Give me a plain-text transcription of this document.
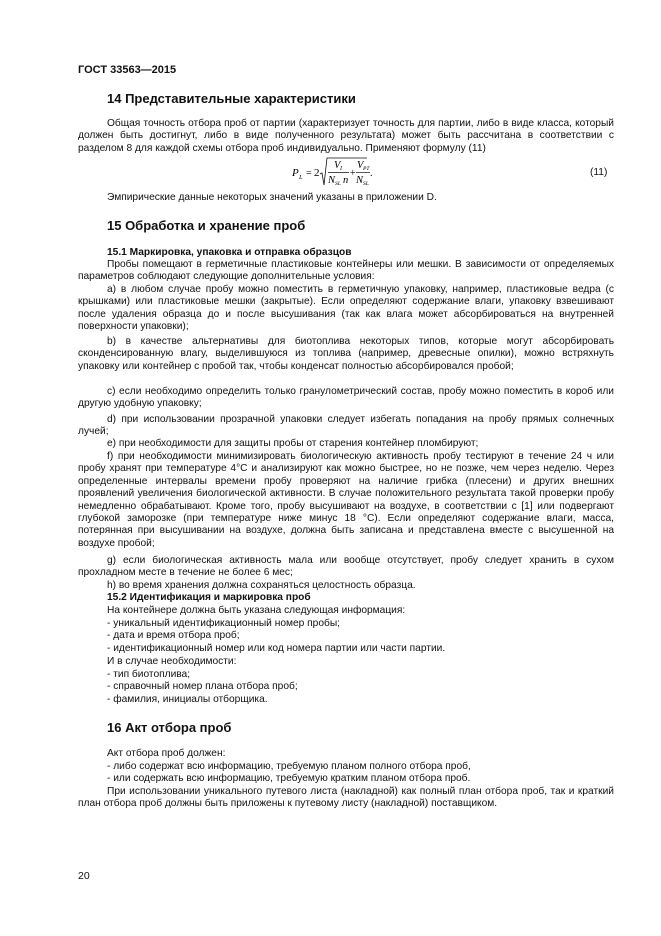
ГОСТ 33563—2015
14 Представительные характеристики

Общая точность отбора проб от партии (характеризует точность для партии, либо в виде класса, который должен быть достигнут, либо в виде полученного результата) может быть рассчитана в соответствии с разделом 8 для каждой схемы отбора проб индивидуально. Применяют формулу (11)

P L = 2
V I
N SL n
+
V PT
N SL
.	(11)

Эмпирические данные некоторых значений указаны в приложении D.

15 Обработка и хранение проб
15.1 Маркировка, упаковка и отправка образцов

Пробы помещают в герметичные пластиковые контейнеры или мешки. В зависимости от определяемых параметров соблюдают следующие дополнительные условия:

а) в любом случае пробу можно поместить в герметичную упаковку, например, пластиковые ведра (с крышками) или пластиковые мешки (закрытые). Если определяют содержание влаги, упаковку взвешивают после удаления образца до и после высушивания (так как влага может абсорбироваться на внутренней поверхности упаковки);

b) в качестве альтернативы для биотоплива некоторых типов, которые могут абсорбировать сконденсированную влагу, выделившуюся из топлива (например, древесные опилки), можно встряхнуть упаковку или контейнер с пробой так, чтобы конденсат полностью абсорбировался пробой;

с) если необходимо определить только гранулометрический состав, пробу можно поместить в короб или другую удобную упаковку;

d) при использовании прозрачной упаковки следует избегать попадания на пробу прямых солнечных лучей;

е) при необходимости для защиты пробы от старения контейнер пломбируют;

f) при необходимости минимизировать биологическую активность пробу тестируют в течение 24 ч или пробу хранят при температуре 4°С и анализируют как можно быстрее, но не позже, чем через неделю. Через определенные интервалы времени пробу проверяют на наличие грибка (плесени) и других внешних проявлений увеличения биологической активности. В случае положительного результата такой проверки пробу немедленно обрабатывают. Кроме того, пробу высушивают на воздухе, в соответствии с [1] или подвергают глубокой заморозке (при температуре ниже минус 18 °С). Если определяют содержание влаги, масса, потерянная при высушивании на воздухе, должна быть записана и представлена вместе с высушенной на воздухе пробой;

g) если биологическая активность мала или вообще отсутствует, пробу следует хранить в сухом прохладном месте в течение не более 6 мес;

h) во время хранения должна сохраняться целостность образца.

15.2 Идентификация и маркировка проб

На контейнере должна быть указана следующая информация:

- уникальный идентификационный номер пробы;

- дата и время отбора проб;

- идентификационный номер или код номера партии или части партии.

И в случае необходимости:

- тип биотоплива;

- справочный номер плана отбора проб;

- фамилия, инициалы отборщика.

16 Акт отбора проб

Акт отбора проб должен:

- либо содержат всю информацию, требуемую планом полного отбора проб,

- или содержать всю информацию, требуемую кратким планом отбора проб.

При использовании уникального путевого листа (накладной) как полный план отбора проб, так и краткий план отбора проб должны быть приложены к путевому листу (накладной) поставщиком.

20
